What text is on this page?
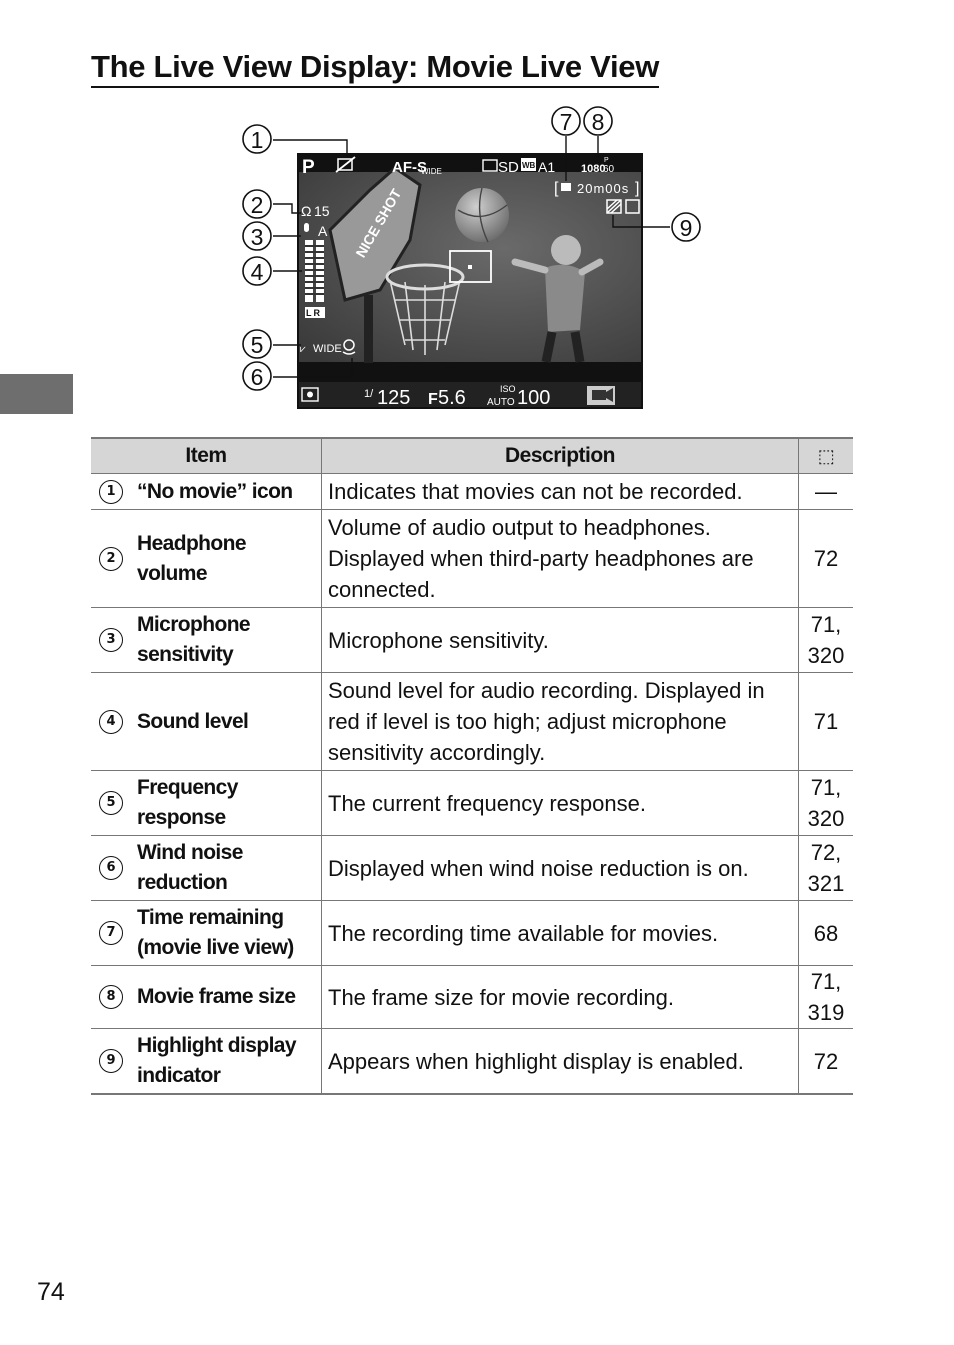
The Live View Display: Movie Live View
NICE SHOT
P	AF-S
WIDE	SD WB A1 1080
60
P
[ 20m00s ]
Ω 15
A
LR
⩗ WIDE
1/ 125 F 5.6	ISO
AUTO 100
1
2
3
4
5
6
7 8
9
Item	Description	⬚

1 “No movie” icon	Indicates that movies can not be recorded.	—

2
Headphone volume	Volume of audio output to headphones. Displayed when third-party headphones are connected.	72

3
Microphone sensitivity	Microphone sensitivity.	71, 320

4 Sound level	Sound level for audio recording. Displayed in red if level is too high; adjust microphone sensitivity accordingly.	71

5
Frequency response	The current frequency response.	71, 320

6
Wind noise reduction	Displayed when wind noise reduction is on.	72, 321

7
Time remaining (movie live view)	The recording time available for movies.	68

8 Movie frame size	The frame size for movie recording.	71, 319

9
Highlight display indicator	Appears when highlight display is enabled.	72
74
